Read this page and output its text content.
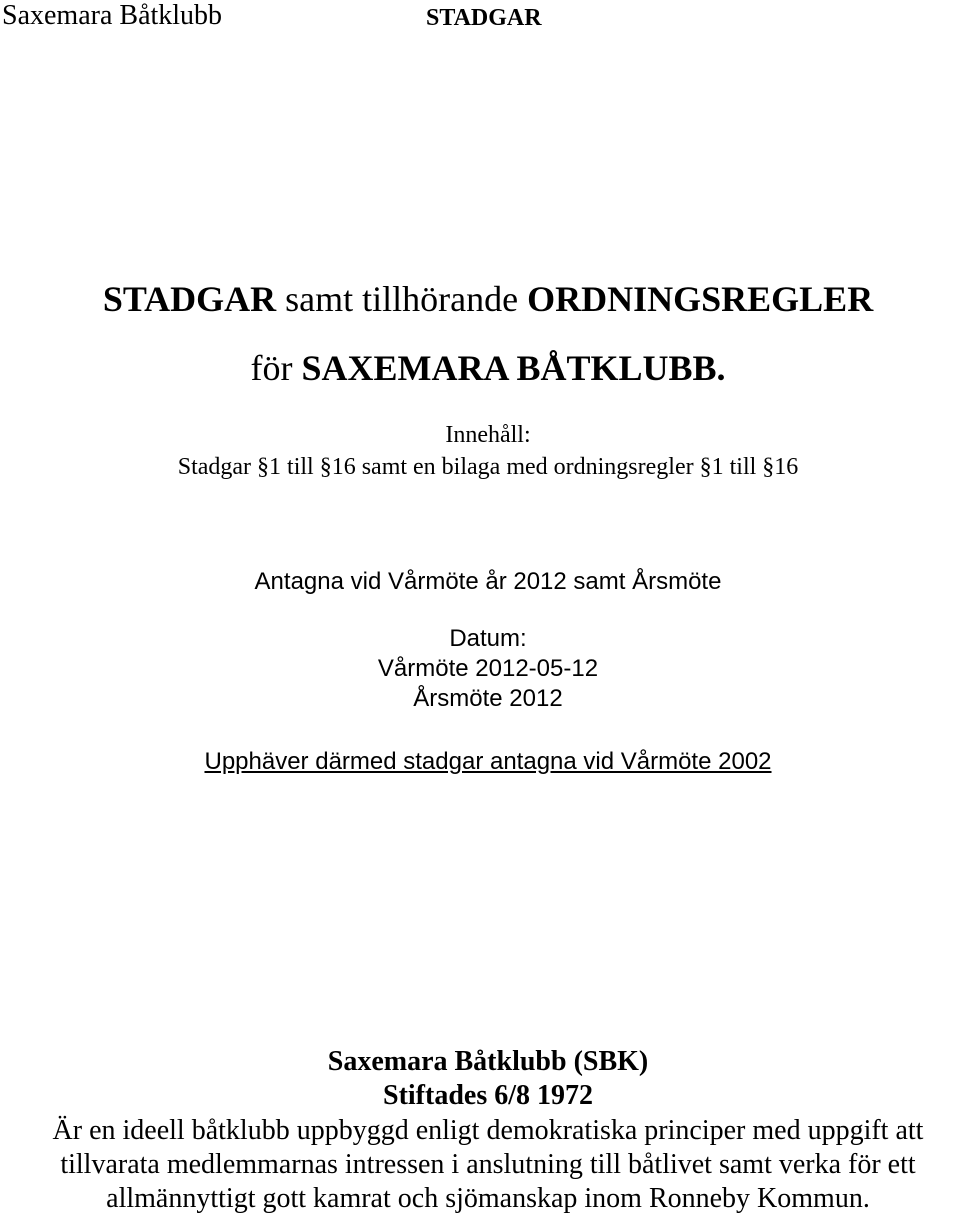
Saxemara Båtklubb	STADGAR
STADGAR samt tillhörande ORDNINGSREGLER
för SAXEMARA BÅTKLUBB.
Innehåll:
Stadgar §1 till §16 samt en bilaga med ordningsregler §1 till §16
Antagna vid Vårmöte år 2012 samt Årsmöte
Datum:
Vårmöte 2012-05-12
Årsmöte 2012
Upphäver därmed stadgar antagna vid Vårmöte 2002
Saxemara Båtklubb (SBK)
Stiftades 6/8 1972
Är en ideell båtklubb uppbyggd enligt demokratiska principer med uppgift att
tillvarata medlemmarnas intressen i anslutning till båtlivet samt verka för ett
allmännyttigt gott kamrat och sjömanskap inom Ronneby Kommun.
